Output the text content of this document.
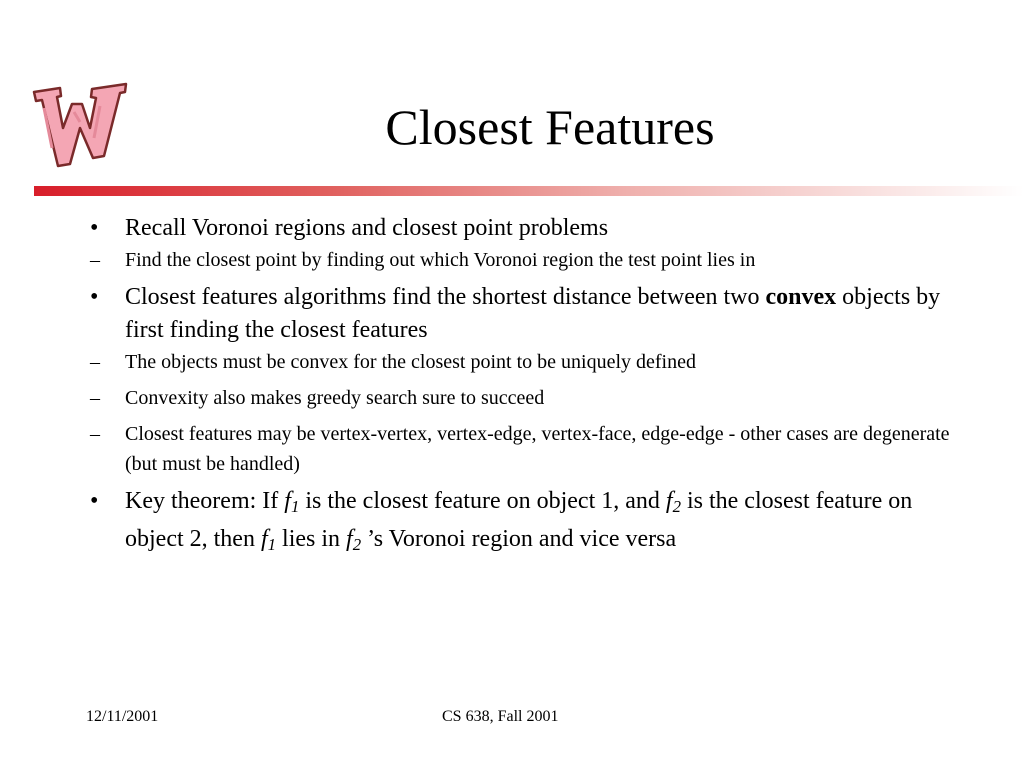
Closest Features
• Recall Voronoi regions and closest point problems
– Find the closest point by finding out which Voronoi region the test point lies in
• Closest features algorithms find the shortest distance between two convex objects by first finding the closest features
– The objects must be convex for the closest point to be uniquely defined
– Convexity also makes greedy search sure to succeed
– Closest features may be vertex-vertex, vertex-edge, vertex-face, edge-edge - other cases are degenerate (but must be handled)
• Key theorem: If $f_1$ is the closest feature on object 1, and $f_2$ is the closest feature on object 2, then $f_1$ lies in $f_2$ ’s Voronoi region and vice versa
12/11/2001	CS 638, Fall 2001
